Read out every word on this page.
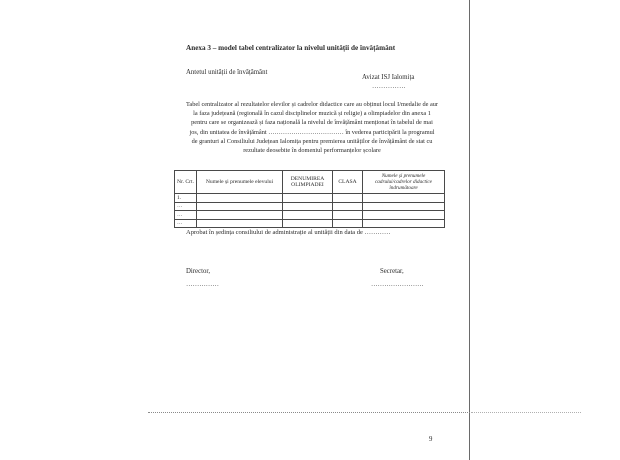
Anexa 3 – model tabel centralizator la nivelul unității de învățământ
Antetul unității de învățământ
Avizat ISJ Ialomița
……………
Tabel centralizator al rezultatelor elevilor și cadrelor didactice care au obținut locul I/medalie de aur la faza județeană (regională în cazul disciplinelor muzică și religie) a olimpiadelor din anexa 1 pentru care se organizează și faza națională la nivelul de învățământ menționat în tabelul de mai jos, din unitatea de învățământ ……………………………… în vederea participării la programul de granturi al Consiliului Județean Ialomița pentru premierea unităților de învățământ de stat cu rezultate deosebite în domeniul performanțelor școlare
Nr. Crt.	Numele și prenumele elevului	DENUMIREA OLIMPIADEI	CLASA	Numele și prenumele cadrului/cadrelor didactice îndrumătoare
1.				
…				
…				
…				
Aprobat în ședința consiliului de administrație al unității din data de …………
Director,
……………
Secretar,
……………………
9
